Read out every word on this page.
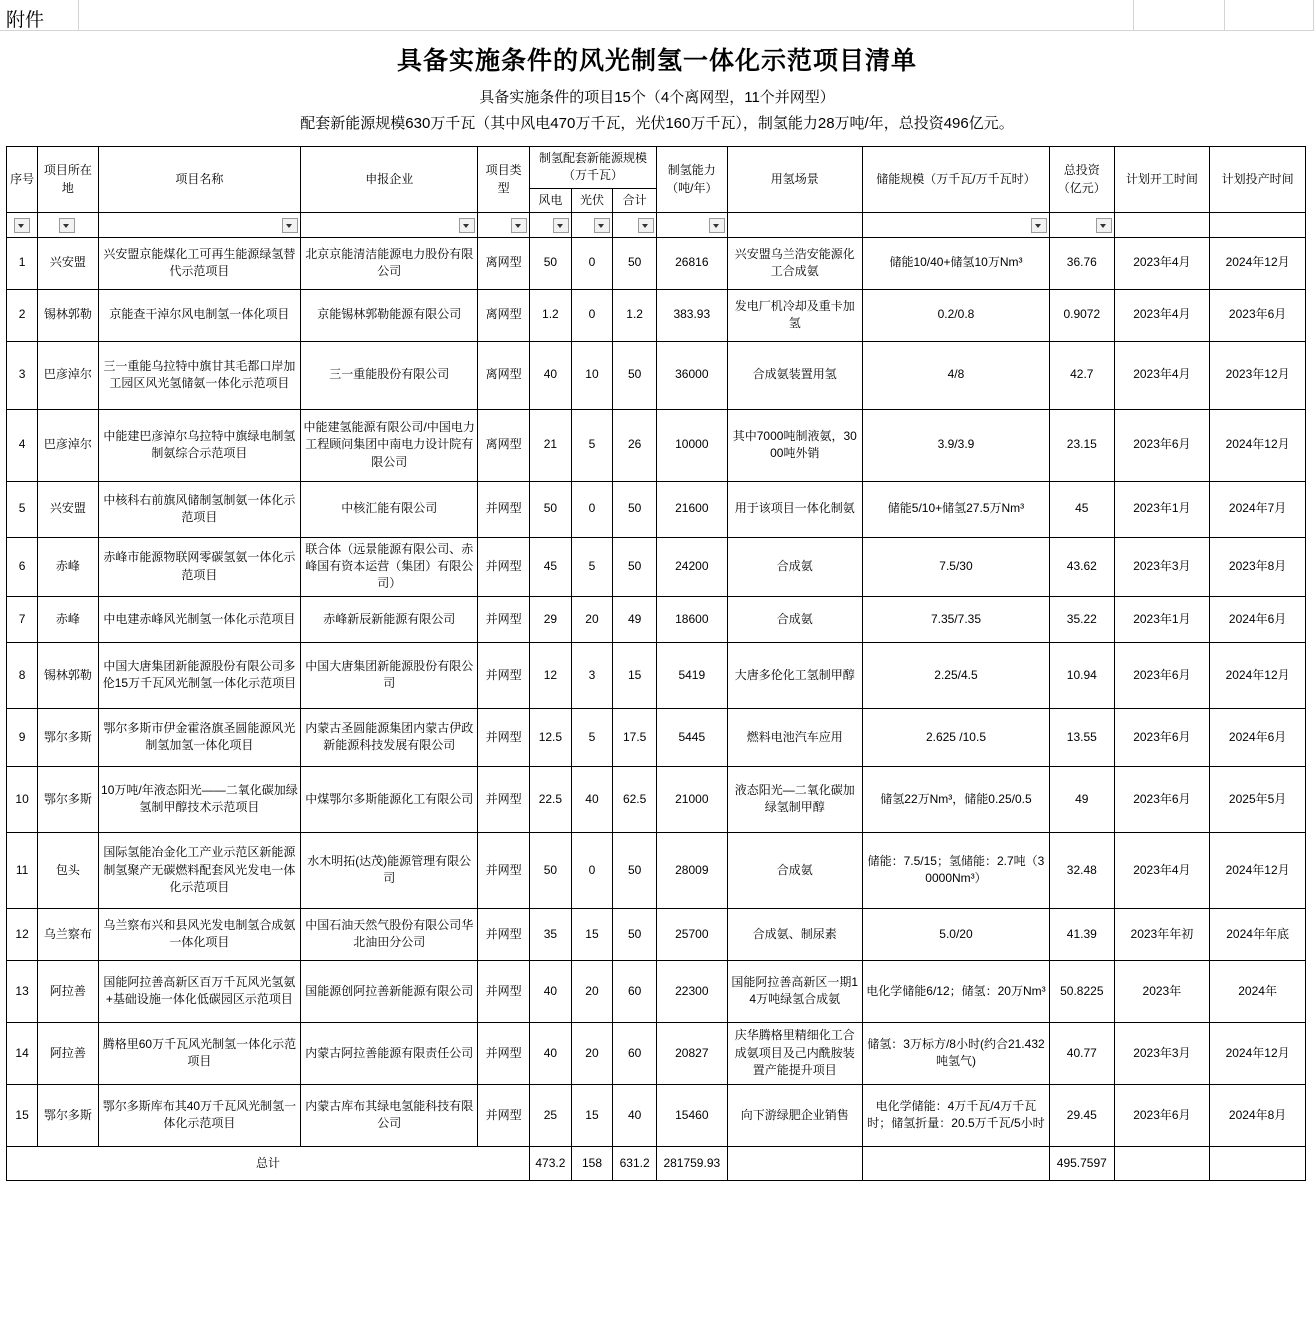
附件
具备实施条件的风光制氢一体化示范项目清单
具备实施条件的项目15个（4个离网型，11个并网型）
配套新能源规模630万千瓦（其中风电470万千瓦，光伏160万千瓦），制氢能力28万吨/年，总投资496亿元。
序号	项目所在地	项目名称	申报企业	项目类型	制氢配套新能源规模（万千瓦）			制氢能力（吨/年）	用氢场景	储能规模（万千瓦/万千瓦时）	总投资（亿元）	计划开工时间	计划投产时间
					风电	光伏	合计						

1	兴安盟	兴安盟京能煤化工可再生能源绿氢替代示范项目	北京京能清洁能源电力股份有限公司	离网型	50	0	50	26816	兴安盟乌兰浩安能源化工合成氨	储能10/40+储氢10万Nm³	36.76	2023年4月	2024年12月
2	锡林郭勒	京能查干淖尔风电制氢一体化项目	京能锡林郭勒能源有限公司	离网型	1.2	0	1.2	383.93	发电厂机冷却及重卡加氢	0.2/0.8	0.9072	2023年4月	2023年6月
3	巴彦淖尔	三一重能乌拉特中旗甘其毛都口岸加工园区风光氢储氨一体化示范项目	三一重能股份有限公司	离网型	40	10	50	36000	合成氨装置用氢	4/8	42.7	2023年4月	2023年12月
4	巴彦淖尔	中能建巴彦淖尔乌拉特中旗绿电制氢制氨综合示范项目	中能建氢能源有限公司/中国电力工程顾问集团中南电力设计院有限公司	离网型	21	5	26	10000	其中7000吨制液氨，3000吨外销	3.9/3.9	23.15	2023年6月	2024年12月
5	兴安盟	中核科右前旗风储制氢制氨一体化示范项目	中核汇能有限公司	并网型	50	0	50	21600	用于该项目一体化制氨	储能5/10+储氢27.5万Nm³	45	2023年1月	2024年7月
6	赤峰	赤峰市能源物联网零碳氢氨一体化示范项目	联合体（远景能源有限公司、赤峰国有资本运营（集团）有限公司）	并网型	45	5	50	24200	合成氨	7.5/30	43.62	2023年3月	2023年8月
7	赤峰	中电建赤峰风光制氢一体化示范项目	赤峰新辰新能源有限公司	并网型	29	20	49	18600	合成氨	7.35/7.35	35.22	2023年1月	2024年6月
8	锡林郭勒	中国大唐集团新能源股份有限公司多伦15万千瓦风光制氢一体化示范项目	中国大唐集团新能源股份有限公司	并网型	12	3	15	5419	大唐多伦化工氢制甲醇	2.25/4.5	10.94	2023年6月	2024年12月
9	鄂尔多斯	鄂尔多斯市伊金霍洛旗圣圆能源风光制氢加氢一体化项目	内蒙古圣圆能源集团内蒙古伊政新能源科技发展有限公司	并网型	12.5	5	17.5	5445	燃料电池汽车应用	2.625 /10.5	13.55	2023年6月	2024年6月
10	鄂尔多斯	10万吨/年液态阳光——二氧化碳加绿氢制甲醇技术示范项目	中煤鄂尔多斯能源化工有限公司	并网型	22.5	40	62.5	21000	液态阳光—二氧化碳加绿氢制甲醇	储氢22万Nm³，储能0.25/0.5	49	2023年6月	2025年5月
11	包头	国际氢能冶金化工产业示范区新能源制氢聚产无碳燃料配套风光发电一体化示范项目	水木明拓(达茂)能源管理有限公司	并网型	50	0	50	28009	合成氨	储能：7.5/15；氢储能：2.7吨（30000Nm³）	32.48	2023年4月	2024年12月
12	乌兰察布	乌兰察布兴和县风光发电制氢合成氨一体化项目	中国石油天然气股份有限公司华北油田分公司	并网型	35	15	50	25700	合成氨、制尿素	5.0/20	41.39	2023年年初	2024年年底
13	阿拉善	国能阿拉善高新区百万千瓦风光氢氨+基础设施一体化低碳园区示范项目	国能源创阿拉善新能源有限公司	并网型	40	20	60	22300	国能阿拉善高新区一期14万吨绿氢合成氨	电化学储能6/12；储氢：20万Nm³	50.8225	2023年	2024年
14	阿拉善	腾格里60万千瓦风光制氢一体化示范项目	内蒙古阿拉善能源有限责任公司	并网型	40	20	60	20827	庆华腾格里精细化工合成氨项目及己内酰胺装置产能提升项目	储氢：3万标方/8小时(约合21.432吨氢气)	40.77	2023年3月	2024年12月
15	鄂尔多斯	鄂尔多斯库布其40万千瓦风光制氢一体化示范项目	内蒙古库布其绿电氢能科技有限公司	并网型	25	15	40	15460	向下游绿肥企业销售	电化学储能：4万千瓦/4万千瓦时；储氢折量：20.5万千瓦/5小时	29.45	2023年6月	2024年8月
总计					473.2	158	631.2	281759.93			495.7597		
